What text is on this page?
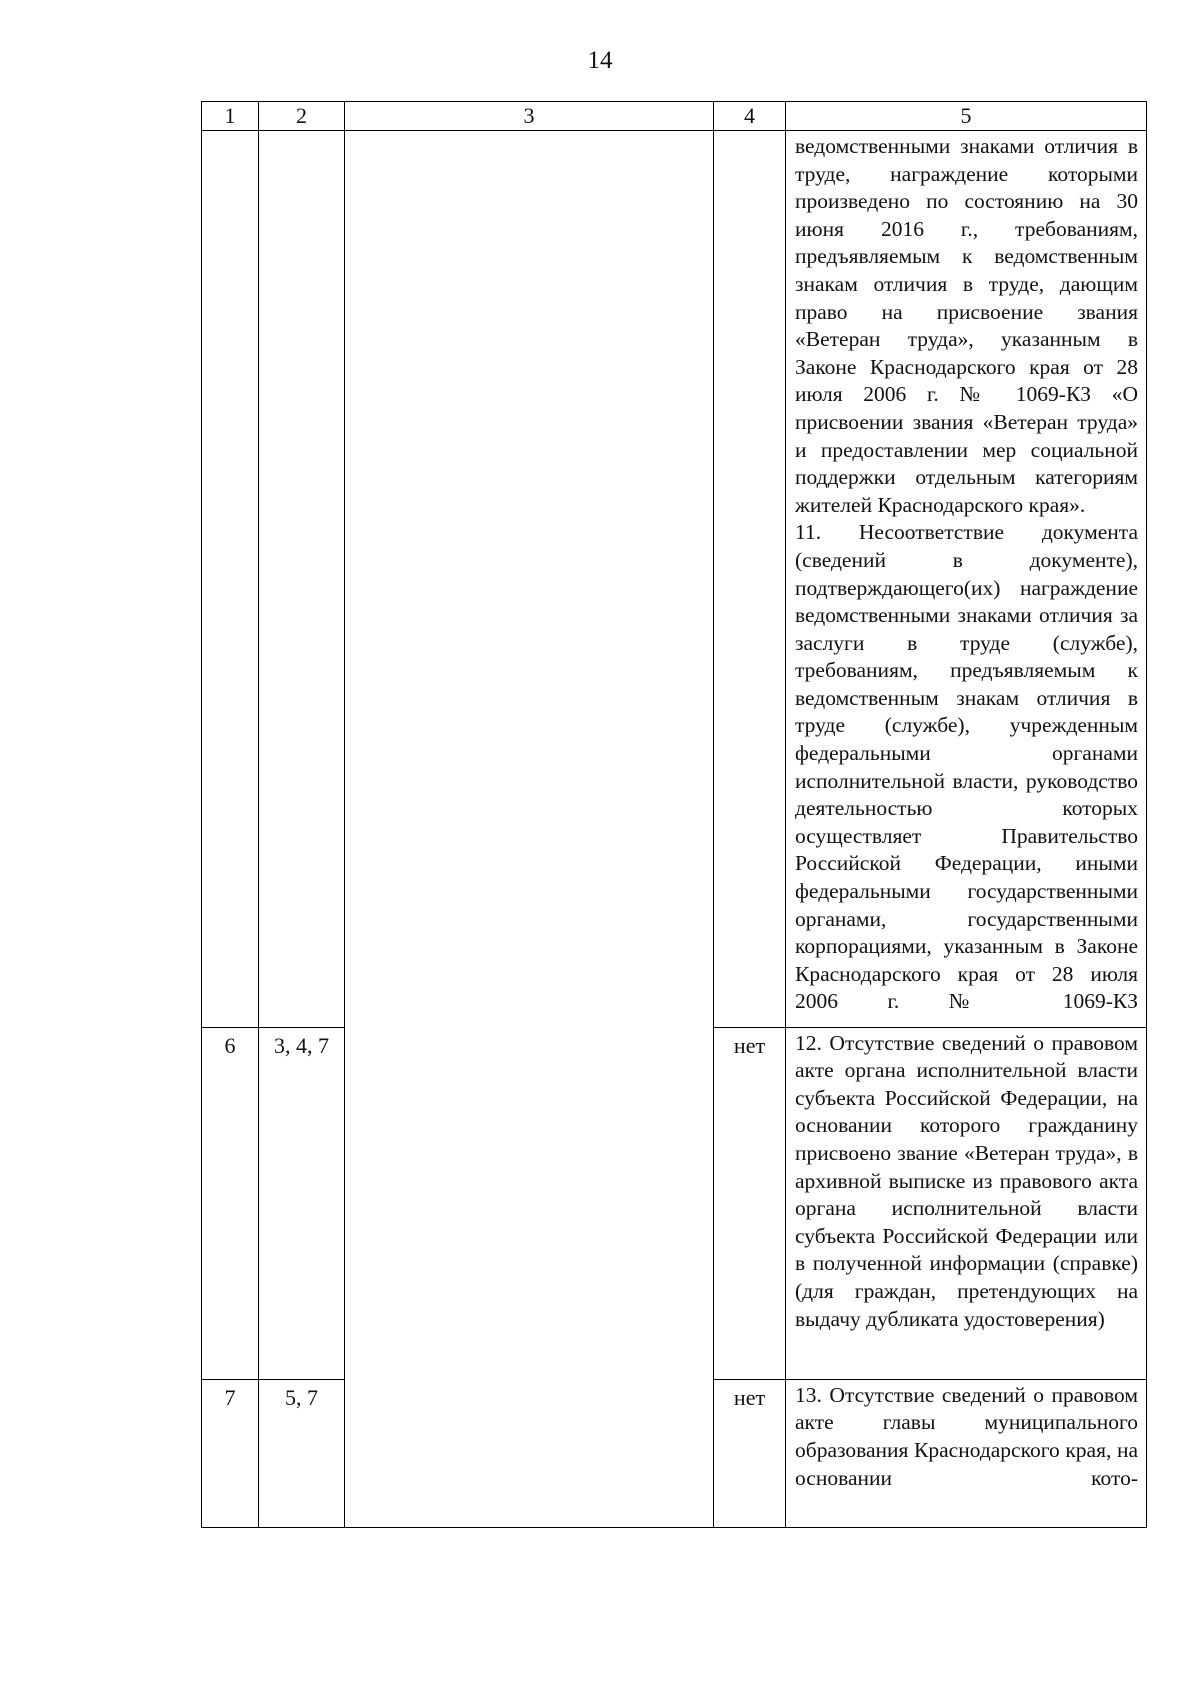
14
1	2	3	4	5

				ведомственными знаками отличия в труде, награждение которыми произведено по состоянию на 30 июня 2016 г., требованиям, предъявляемым к ведомственным знакам отличия в труде, дающим право на присвоение звания «Ветеран труда», указанным в Законе Краснодарского края от 28 июля 2006 г. № 1069-КЗ «О присвоении звания «Ветеран труда» и предоставлении мер социальной поддержки отдельным категориям жителей Краснодарского края».

11. Несоответствие документа (сведений в документе), подтверждающего(их) награждение ведомственными знаками отличия за заслуги в труде (службе), требованиям, предъявляемым к ведомственным знакам отличия в труде (службе), учрежденным федеральными органами исполнительной власти, руководство деятельностью которых осуществляет Правительство Российской Федерации, иными федеральными государственными органами, государственными корпорациями, указанным в Законе Краснодарского края от 28 июля 2006 г. № 1069-КЗ

6	3, 4, 7		нет	12. Отсутствие сведений о правовом акте органа исполнительной власти субъекта Российской Федерации, на основании которого гражданину присвоено звание «Ветеран труда», в архивной выписке из правового акта органа исполнительной власти субъекта Российской Федерации или в полученной информации (справке) (для граждан, претендующих на выдачу дубликата удостоверения)

7	5, 7		нет	13. Отсутствие сведений о правовом акте главы муниципального образования Краснодарского края, на основании кото-
